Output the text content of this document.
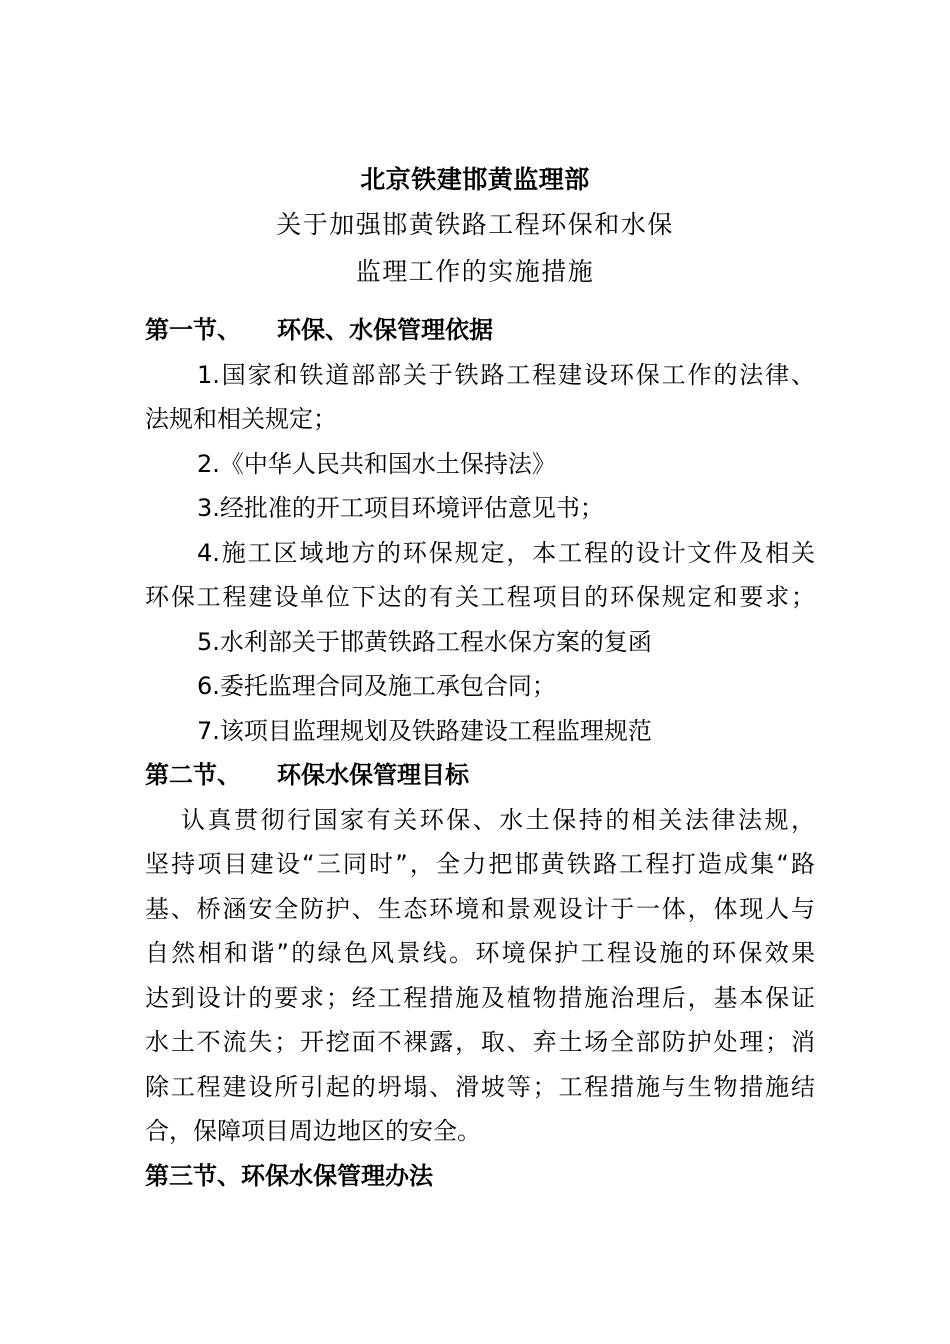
北京铁建邯黄监理部
关于加强邯黄铁路工程环保和水保
监理工作的实施措施
第一节、 环保、水保管理依据
1.国家和铁道部部关于铁路工程建设环保工作的法律、
法规和相关规定；
2.《中华人民共和国水土保持法》
3.经批准的开工项目环境评估意见书；
4.施工区域地方的环保规定，本工程的设计文件及相关
环保工程建设单位下达的有关工程项目的环保规定和要求；
5.水利部关于邯黄铁路工程水保方案的复函
6.委托监理合同及施工承包合同；
7.该项目监理规划及铁路建设工程监理规范
第二节、 环保水保管理目标
认真贯彻行国家有关环保、水土保持的相关法律法规，
坚持项目建设“三同时”，全力把邯黄铁路工程打造成集“路
基、桥涵安全防护、生态环境和景观设计于一体，体现人与
自然相和谐”的绿色风景线。环境保护工程设施的环保效果
达到设计的要求；经工程措施及植物措施治理后，基本保证
水土不流失；开挖面不裸露，取、弃土场全部防护处理；消
除工程建设所引起的坍塌、滑坡等；工程措施与生物措施结
合，保障项目周边地区的安全。
第三节、环保水保管理办法
